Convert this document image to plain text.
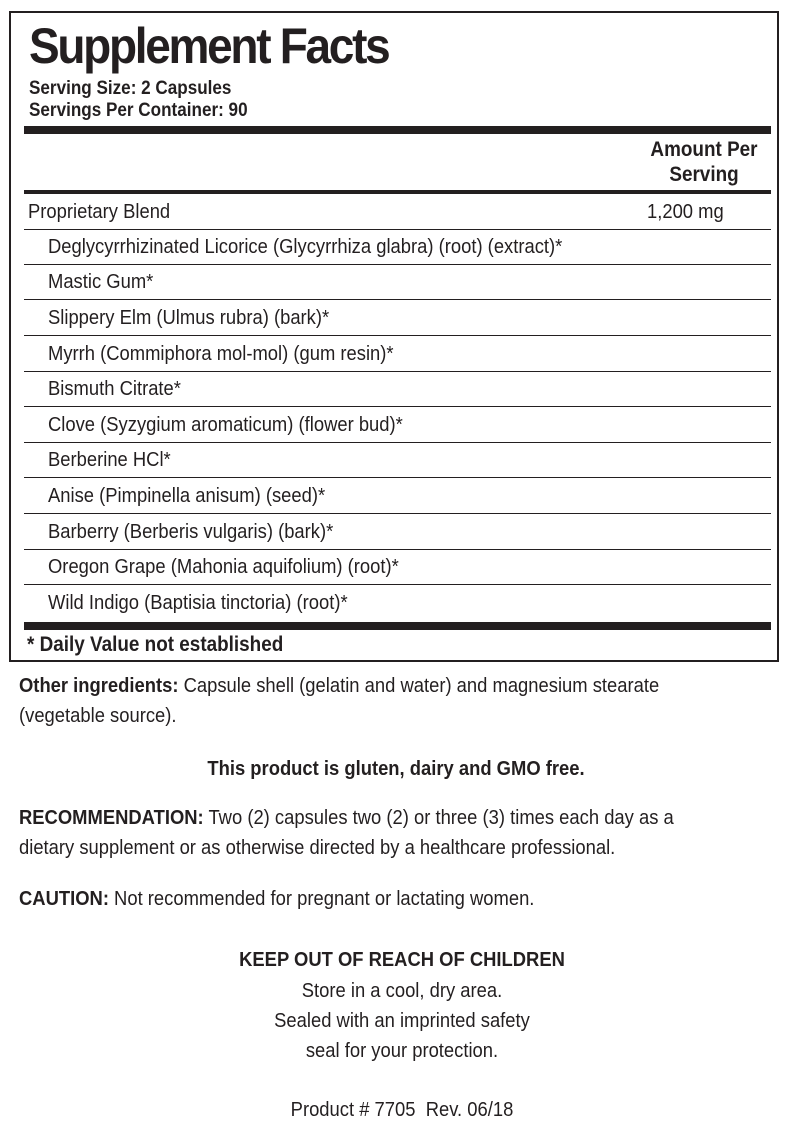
Supplement Facts
Serving Size: 2 Capsules
Servings Per Container: 90
Amount Per
Serving
Proprietary Blend	1,200 mg
Deglycyrrhizinated Licorice (Glycyrrhiza glabra) (root) (extract)*
Mastic Gum*
Slippery Elm (Ulmus rubra) (bark)*
Myrrh (Commiphora mol-mol) (gum resin)*
Bismuth Citrate*
Clove (Syzygium aromaticum) (flower bud)*
Berberine HCl*
Anise (Pimpinella anisum) (seed)*
Barberry (Berberis vulgaris) (bark)*
Oregon Grape (Mahonia aquifolium) (root)*
Wild Indigo (Baptisia tinctoria) (root)*
* Daily Value not established
Other ingredients: Capsule shell (gelatin and water) and magnesium stearate (vegetable source).
This product is gluten, dairy and GMO free.
RECOMMENDATION: Two (2) capsules two (2) or three (3) times each day as a dietary supplement or as otherwise directed by a healthcare professional.
CAUTION: Not recommended for pregnant or lactating women.
KEEP OUT OF REACH OF CHILDREN
Store in a cool, dry area.
Sealed with an imprinted safety
seal for your protection.
Product # 7705  Rev. 06/18
